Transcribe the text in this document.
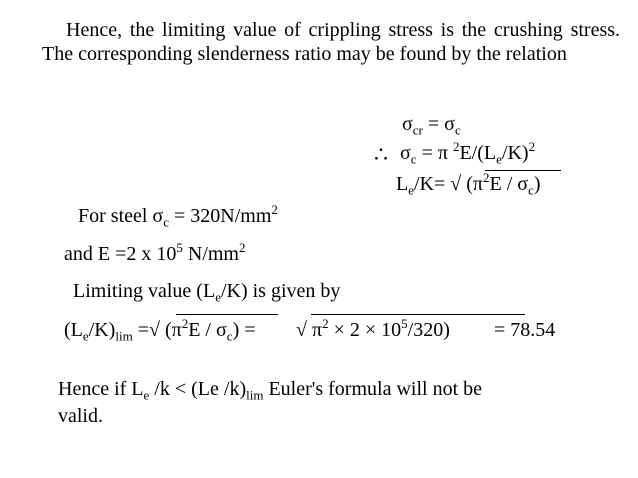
Hence, the limiting value of crippling stress is the crushing stress. The corresponding slenderness ratio may be found by the relation
$\sigma_{cr} = \sigma_c$
∴ $\sigma_c = \pi$ $^2E/(L_e/K)^2$
$L_e/K=$ √ $(\pi^2E / \sigma_c)$
For steel $\sigma_c = 320N/mm^2$
and E =2 x $10^5$ $N/mm^2$
Limiting value $(L_e/K)$ is given by
$(L_e/K)_{lim}$ =√ $(\pi^2E / \sigma_c)$ = √ $\pi^2 \times 2 \times 10^5/320) = 78.54$
Hence if $L_e$ /k < (Le $/k)_{lim}$ Euler's formula will not be
valid.
